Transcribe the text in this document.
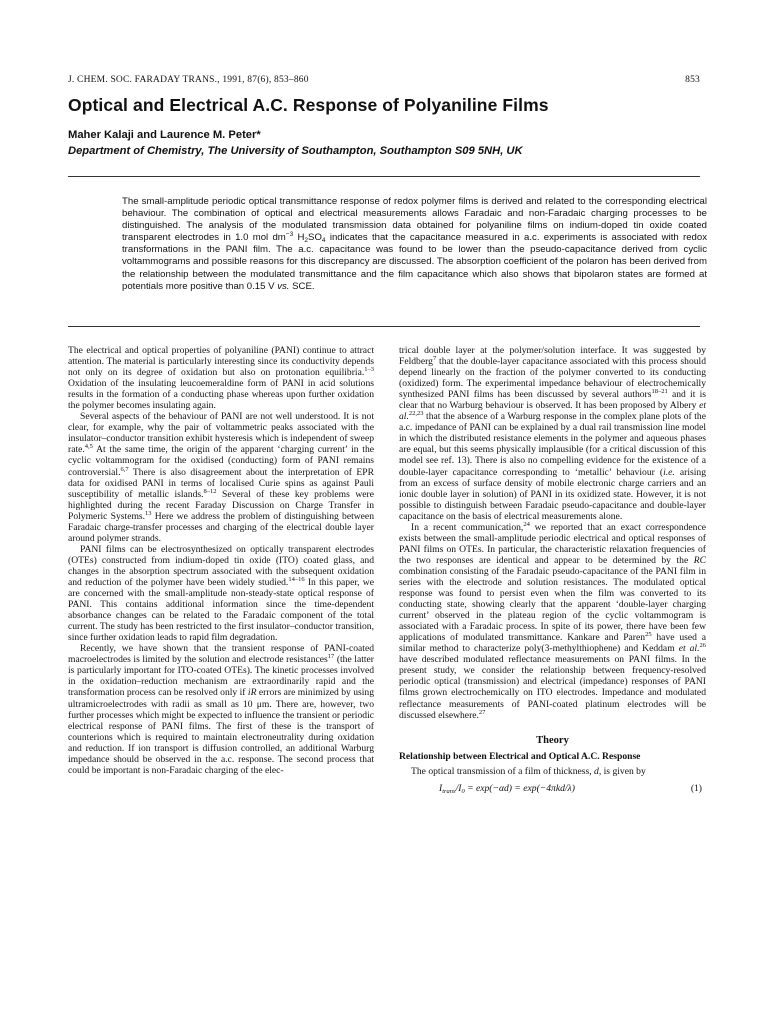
J. CHEM. SOC. FARADAY TRANS., 1991, 87(6), 853–860	853
Optical and Electrical A.C. Response of Polyaniline Films
Maher Kalaji and Laurence M. Peter*
Department of Chemistry, The University of Southampton, Southampton S09 5NH, UK

The small-amplitude periodic optical transmittance response of redox polymer films is derived and related to the corresponding electrical behaviour. The combination of optical and electrical measurements allows Faradaic and non-Faradaic charging processes to be distinguished. The analysis of the modulated transmission data obtained for polyaniline films on indium-doped tin oxide coated transparent electrodes in 1.0 mol $dm^{-3}$ $H_2SO_4$ indicates that the capacitance measured in a.c. experiments is associated with redox transformations in the PANI film. The a.c. capacitance was found to be lower than the pseudo-capacitance derived from cyclic voltammograms and possible reasons for this discrepancy are discussed. The absorption coefficient of the polaron has been derived from the relationship between the modulated transmittance and the film capacitance which also shows that bipolaron states are formed at potentials more positive than 0.15 V vs. SCE.

The electrical and optical properties of polyaniline (PANI) continue to attract attention. The material is particularly interesting since its conductivity depends not only on its degree of oxidation but also on protonation equilibria.$^{1-3}$ Oxidation of the insulating leucoemeraldine form of PANI in acid solutions results in the formation of a conducting phase whereas upon further oxidation the polymer becomes insulating again.

Several aspects of the behaviour of PANI are not well understood. It is not clear, for example, why the pair of voltammetric peaks associated with the insulator–conductor transition exhibit hysteresis which is independent of sweep rate.$^{4,5}$ At the same time, the origin of the apparent ‘charging current’ in the cyclic voltammogram for the oxidised (conducting) form of PANI remains controversial.$^{6,7}$ There is also disagreement about the interpretation of EPR data for oxidised PANI in terms of localised Curie spins as against Pauli susceptibility of metallic islands.$^{8-12}$ Several of these key problems were highlighted during the recent Faraday Discussion on Charge Transfer in Polymeric Systems.$^{13}$ Here we address the problem of distinguishing between Faradaic charge-transfer processes and charging of the electrical double layer around polymer strands.

PANI films can be electrosynthesized on optically transparent electrodes (OTEs) constructed from indium-doped tin oxide (ITO) coated glass, and changes in the absorption spectrum associated with the subsequent oxidation and reduction of the polymer have been widely studied.$^{14-16}$ In this paper, we are concerned with the small-amplitude non-steady-state optical response of PANI. This contains additional information since the time-dependent absorbance changes can be related to the Faradaic component of the total current. The study has been restricted to the first insulator–conductor transition, since further oxidation leads to rapid film degradation.

Recently, we have shown that the transient response of PANI-coated macroelectrodes is limited by the solution and electrode resistances$^{17}$ (the latter is particularly important for ITO-coated OTEs). The kinetic processes involved in the oxidation–reduction mechanism are extraordinarily rapid and the transformation process can be resolved only if iR errors are minimized by using ultramicroelectrodes with radii as small as 10 μm. There are, however, two further processes which might be expected to influence the transient or periodic electrical response of PANI films. The first of these is the transport of counterions which is required to maintain electroneutrality during oxidation and reduction. If ion transport is diffusion controlled, an additional Warburg impedance should be observed in the a.c. response. The second process that could be important is non-Faradaic charging of the elec-

trical double layer at the polymer/solution interface. It was suggested by Feldberg$^7$ that the double-layer capacitance associated with this process should depend linearly on the fraction of the polymer converted to its conducting (oxidized) form. The experimental impedance behaviour of electrochemically synthesized PANI films has been discussed by several authors$^{18-21}$ and it is clear that no Warburg behaviour is observed. It has been proposed by Albery et al.$^{22,23}$ that the absence of a Warburg response in the complex plane plots of the a.c. impedance of PANI can be explained by a dual rail transmission line model in which the distributed resistance elements in the polymer and aqueous phases are equal, but this seems physically implausible (for a critical discussion of this model see ref. 13). There is also no compelling evidence for the existence of a double-layer capacitance corresponding to ‘metallic’ behaviour (i.e. arising from an excess of surface density of mobile electronic charge carriers and an ionic double layer in solution) of PANI in its oxidized state. However, it is not possible to distinguish between Faradaic pseudo-capacitance and double-layer capacitance on the basis of electrical measurements alone.

In a recent communication,$^{24}$ we reported that an exact correspondence exists between the small-amplitude periodic electrical and optical responses of PANI films on OTEs. In particular, the characteristic relaxation frequencies of the two responses are identical and appear to be determined by the RC combination consisting of the Faradaic pseudo-capacitance of the PANI film in series with the electrode and solution resistances. The modulated optical response was found to persist even when the film was converted to its conducting state, showing clearly that the apparent ‘double-layer charging current’ observed in the plateau region of the cyclic voltammogram is associated with a Faradaic process. In spite of its power, there have been few applications of modulated transmittance. Kankare and Paren$^{25}$ have used a similar method to characterize poly(3-methylthiophene) and Keddam et al.$^{26}$ have described modulated reflectance measurements on PANI films. In the present study, we consider the relationship between frequency-resolved periodic optical (transmission) and electrical (impedance) responses of PANI films grown electrochemically on ITO electrodes. Impedance and modulated reflectance measurements of PANI-coated platinum electrodes will be discussed elsewhere.$^{27}$

Theory
Relationship between Electrical and Optical A.C. Response

The optical transmission of a film of thickness, d, is given by

$I_{trans}/I_0 = \exp(-\alpha d) = \exp(-4\pi kd/\lambda)$	(1)
